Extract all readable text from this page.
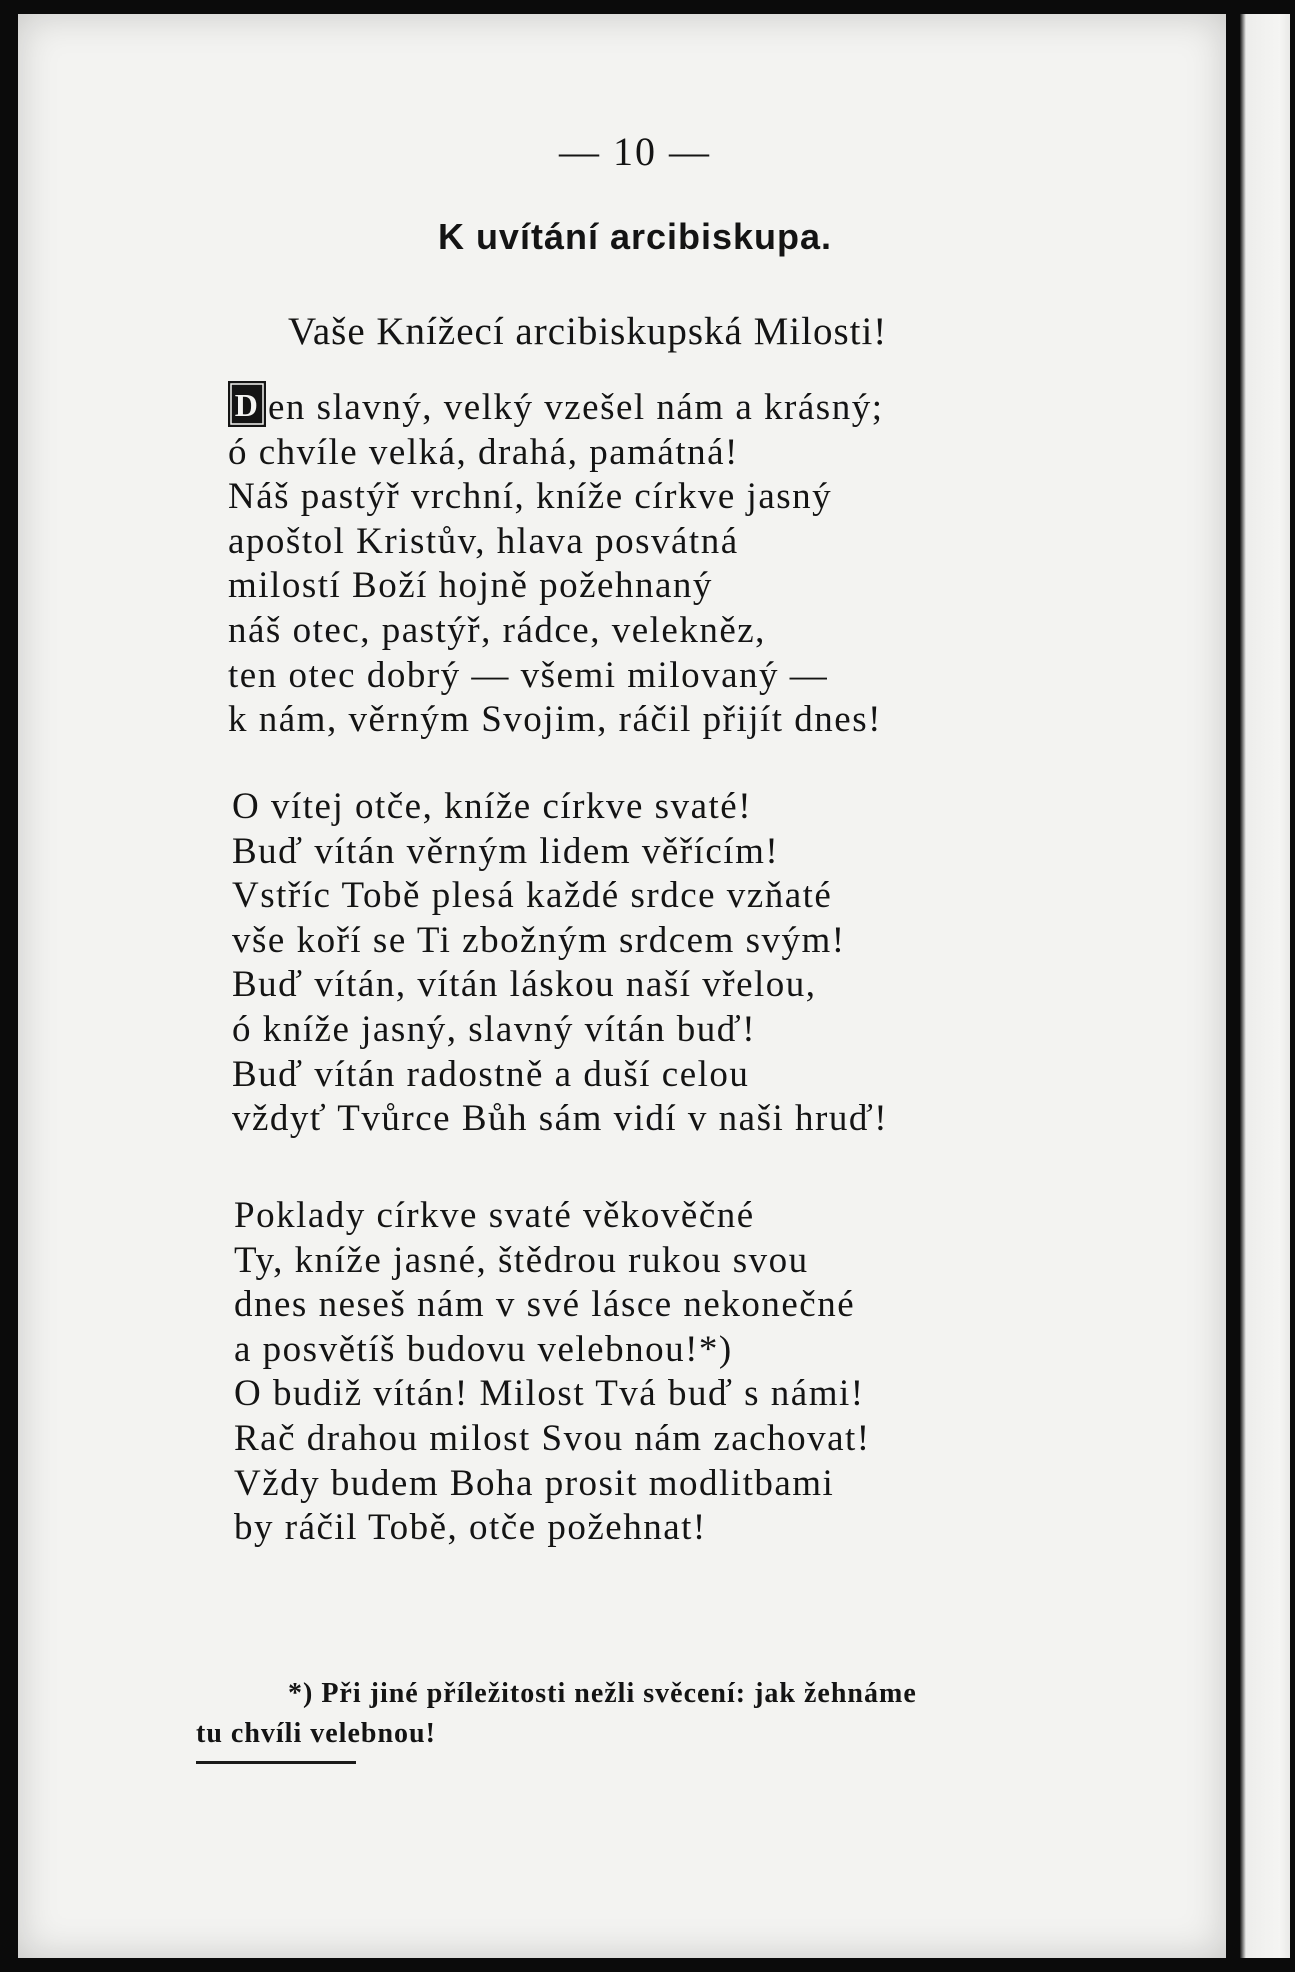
— 10 —
K uvítání arcibiskupa.
Vaše Knížecí arcibiskupská Milosti!
D en slavný, velký vzešel nám a krásný;
ó chvíle velká, drahá, památná!
Náš pastýř vrchní, kníže církve jasný
apoštol Kristův, hlava posvátná
milostí Boží hojně požehnaný
náš otec, pastýř, rádce, velekněz,
ten otec dobrý — všemi milovaný —
k nám, věrným Svojim, ráčil přijít dnes!
O vítej otče, kníže církve svaté!
Buď vítán věrným lidem věřícím!
Vstříc Tobě plesá každé srdce vzňaté
vše koří se Ti zbožným srdcem svým!
Buď vítán, vítán láskou naší vřelou,
ó kníže jasný, slavný vítán buď!
Buď vítán radostně a duší celou
vždyť Tvůrce Bůh sám vidí v naši hruď!
Poklady církve svaté věkověčné
Ty, kníže jasné, štědrou rukou svou
dnes neseš nám v své lásce nekonečné
a posvětíš budovu velebnou!*)
O budiž vítán! Milost Tvá buď s námi!
Rač drahou milost Svou nám zachovat!
Vždy budem Boha prosit modlitbami
by ráčil Tobě, otče požehnat!
*) Při jiné příležitosti nežli svěcení: jak žehnáme
tu chvíli velebnou!
